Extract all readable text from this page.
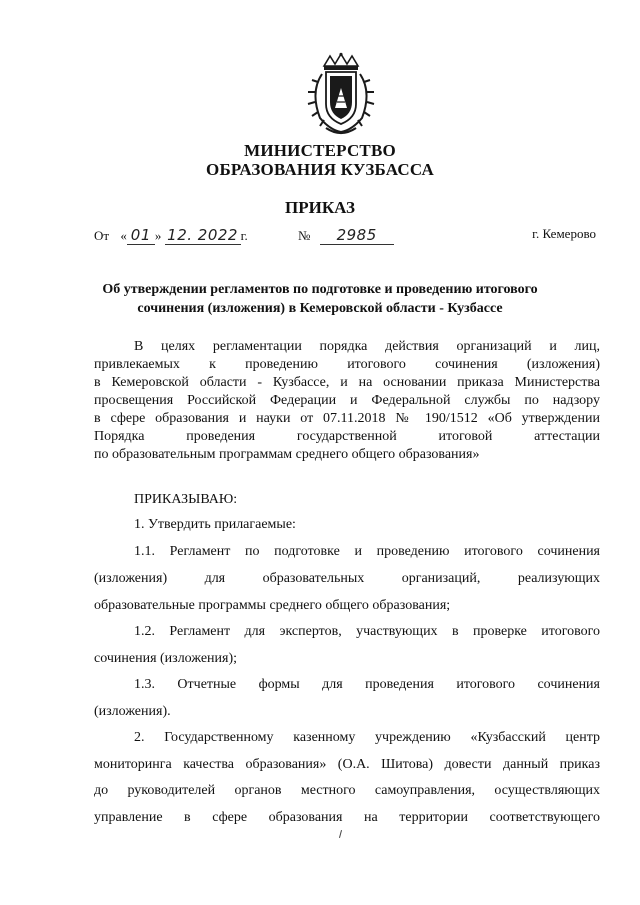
МИНИСТЕРСТВО
ОБРАЗОВАНИЯ КУЗБАССА
ПРИКАЗ
От « 01 » 12. 2022 г.	№ 2985	г. Кемерово
Об утверждении регламентов по подготовке и проведению итогового
сочинения (изложения) в Кемеровской области - Кузбассе
В целях регламентации порядка действия организаций и лиц,
привлекаемых к проведению итогового сочинения (изложения)
в Кемеровской области - Кузбассе, и на основании приказа Министерства
просвещения Российской Федерации и Федеральной службы по надзору
в сфере образования и науки от 07.11.2018 № 190/1512 «Об утверждении
Порядка проведения государственной итоговой аттестации
по образовательным программам среднего общего образования»
ПРИКАЗЫВАЮ:
1. Утвердить прилагаемые:
1.1. Регламент по подготовке и проведению итогового сочинения
(изложения) для образовательных организаций, реализующих
образовательные программы среднего общего образования;
1.2. Регламент для экспертов, участвующих в проверке итогового
сочинения (изложения);
1.3. Отчетные формы для проведения итогового сочинения
(изложения).
2. Государственному казенному учреждению «Кузбасский центр
мониторинга качества образования» (О.А. Шитова) довести данный приказ
до руководителей органов местного самоуправления, осуществляющих
управление в сфере образования на территории соответствующего
